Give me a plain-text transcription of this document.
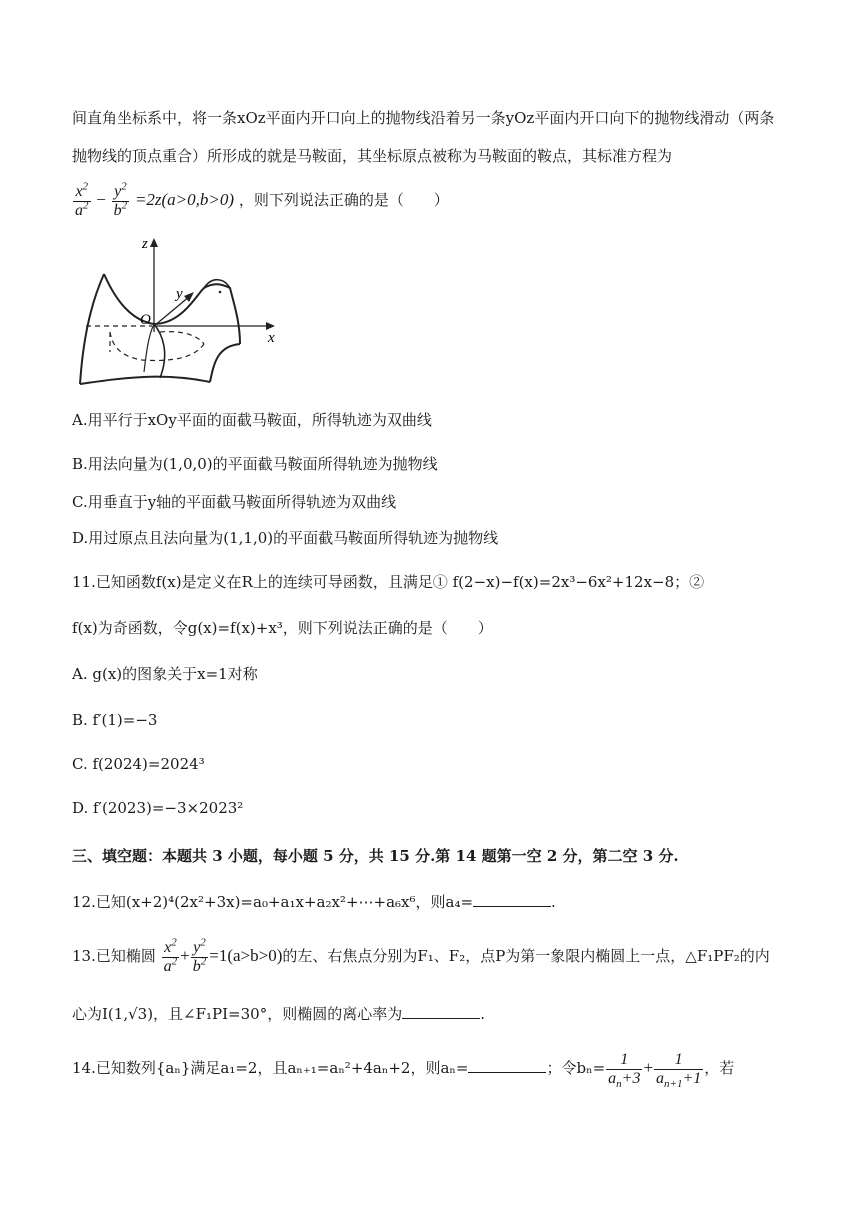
间直角坐标系中，将一条xOz平面内开口向上的抛物线沿着另一条yOz平面内开口向下的抛物线滑动（两条
抛物线的顶点重合）所形成的就是马鞍面，其坐标原点被称为马鞍面的鞍点，其标准方程为
$\frac{x^2}{a^2} - \frac{y^2}{b^2} =2z(a>0,b>0)$ ，则下列说法正确的是（　　）
z
y
O
x
A.用平行于xOy平面的面截马鞍面，所得轨迹为双曲线
B.用法向量为(1,0,0)的平面截马鞍面所得轨迹为抛物线
C.用垂直于y轴的平面截马鞍面所得轨迹为双曲线
D.用过原点且法向量为(1,1,0)的平面截马鞍面所得轨迹为抛物线
11.已知函数f(x)是定义在R上的连续可导函数，且满足① f(2−x)−f(x)=2x³−6x²+12x−8；②
f(x)为奇函数，令g(x)=f(x)+x³，则下列说法正确的是（　　）
A. g(x)的图象关于x=1对称
B. f′(1)=−3
C. f(2024)=2024³
D. f′(2023)=−3×2023²
三、填空题：本题共 3 小题，每小题 5 分，共 15 分.第 14 题第一空 2 分，第二空 3 分.
12.已知(x+2)⁴(2x²+3x)=a₀+a₁x+a₂x²+⋯+a₆x⁶，则a₄=	.
13.已知椭圆 $\frac{x^2}{a^2} + \frac{y^2}{b^2} =1(a>b>0)$的左、右焦点分别为F₁、F₂，点P为第一象限内椭圆上一点，△F₁PF₂的内
心为I(1,√3)，且∠F₁PI=30°，则椭圆的离心率为	.
14.已知数列{aₙ}满足a₁=2，且aₙ₊₁=aₙ²+4aₙ+2，则aₙ=	；令$b_n= \frac{1}{a_n+3} + \frac{1}{a_{n+1}+1}$ ，若
